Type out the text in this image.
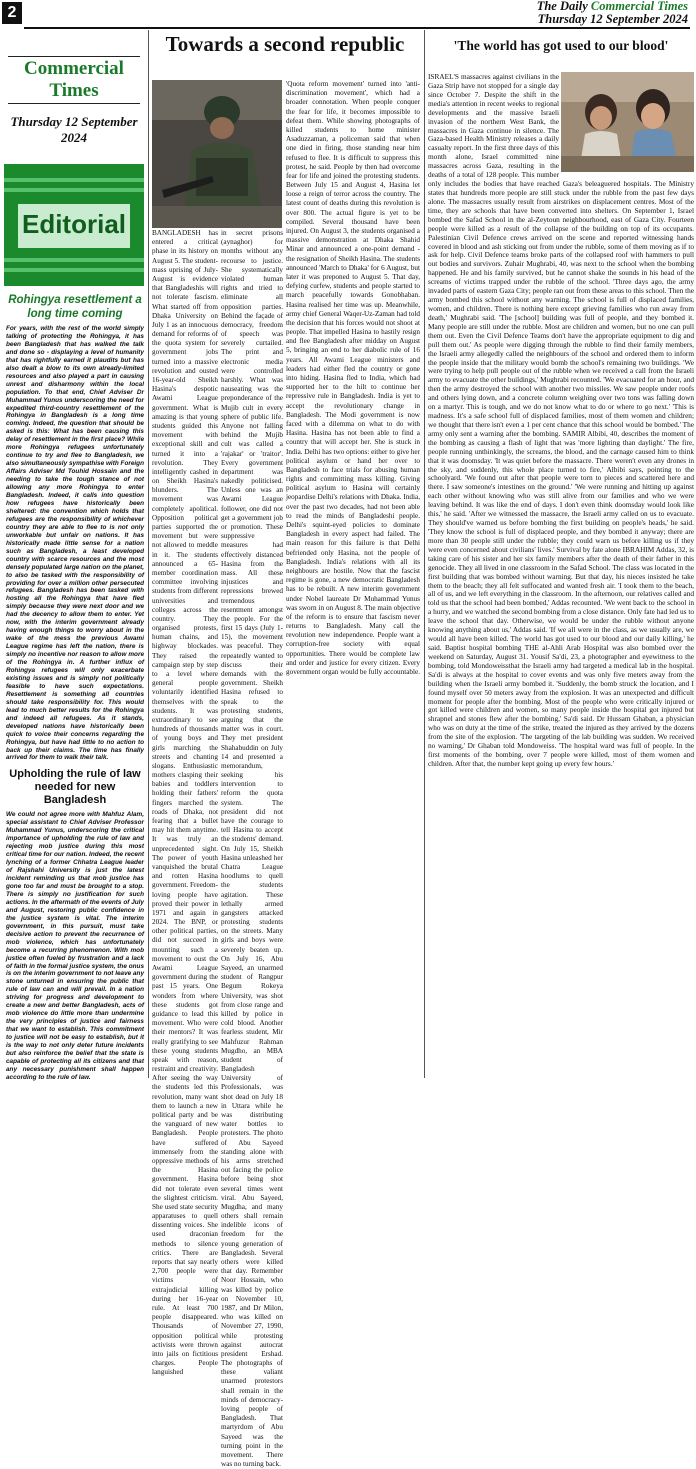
2	The Daily Commercial Times
Thursday 12 September 2024
Commercial Times
Thursday 12 September 2024
Editorial
Rohingya resettlement a long time coming
For years, with the rest of the world simply talking of protecting the Rohingya, it has been Bangladesh that has walked the talk and done so - displaying a level of humanity that has rightfully earned it plaudits but has also dealt a blow to its own already-limited resources and also played a part in causing unrest and disharmony within the local population. To that end, Chief Adviser Dr Muhammad Yunus underscoring the need for expedited third-country resettlement of the Rohingya in Bangladesh is a long time coming. Indeed, the question that should be asked is this: What has been causing this delay of resettlement in the first place? While more Rohingya refugees unfortunately continue to try and flee to Bangladesh, we also simultaneously sympathise with Foreign Affairs Adviser Md Touhid Hossain and the needing to take the tough stance of not allowing any more Rohingya to enter Bangladesh. Indeed, it calls into question how refugees have historically been sheltered: the convention which holds that refugees are the responsibility of whichever country they are able to flee to is not only unworkable but unfair on nations. It has historically made little sense for a nation such as Bangladesh, a least developed country with scarce resources and the most densely populated large nation on the planet, to also be tasked with the responsibility of providing for over a million other persecuted refugees. Bangladesh has been tasked with hosting all the Rohingya that have fled simply because they were next door and we had the decency to allow them to enter. Yet now, with the interim government already having enough things to worry about in the wake of the mess the previous Awami League regime has left the nation, there is simply no incentive nor reason to allow more of the Rohingya in. A further influx of Rohingya refugees will only exacerbate existing issues and is simply not politically feasible to have such expectations. Resettlement is something all countries should take responsibility for. This would lead to much better results for the Rohingya and indeed all refugees. As it stands, developed nations have historically been quick to voice their concerns regarding the Rohingya, but have had little to no action to back up their claims. The time has finally arrived for them to walk their talk.
Upholding the rule of law needed for new Bangladesh
We could not agree more with Mahfuz Alam, special assistant to Chief Adviser Professor Muhammad Yunus, underscoring the critical importance of upholding the rule of law and rejecting mob justice during this most critical time for our nation. Indeed, the recent lynching of a former Chhatra League leader of Rajshahi University is just the latest incident reminding us that mob justice has gone too far and must be brought to a stop. There is simply no justification for such actions. In the aftermath of the events of July and August, restoring public confidence in the justice system is vital. The interim government, in this pursuit, must take decisive action to prevent the recurrence of mob violence, which has unfortunately become a recurring phenomenon. With mob justice often fueled by frustration and a lack of faith in the formal justice system, the onus is on the interim government to not leave any stone unturned in ensuring the public that rule of law can and will prevail. In a nation striving for progress and development to create a new and better Bangladesh, acts of mob violence do little more than undermine the very principles of justice and fairness that we want to establish. This commitment to justice will not be easy to establish, but it is the way to not only deter future incidents but also reinforce the belief that the state is capable of protecting all its citizens and that any necessary punishment shall happen according to the rule of law.
Towards a second republic

'Quota reform movement' turned into 'anti-discrimination movement', which had a broader connotation. When people conquer the fear for life, it becomes impossible to defeat them. While showing photographs of killed students to home minister Asaduzzaman, a policeman said that when one died in firing, those standing near him refused to flee. It is difficult to suppress this protest, he said. People by then had overcome fear for life and joined the protesting students. Between July 15 and August 4, Hasina let loose a reign of terror across the country. The latest count of deaths during this revolution is over 800. The actual figure is yet to be compiled. Several thousand have been injured. On August 3, the students organised a massive demonstration at Dhaka Shahid Minar and announced a one-point demand - the resignation of Sheikh Hasina. The students announced 'March to Dhaka' for 6 August, but later it was preponed to August 5. That day, defying curfew, students and people started to march peacefully towards Gonobhaban. Hasina realised her time was up. Meanwhile, army chief General Waqer-Uz-Zaman had told the decision that his forces would not shoot at people. That impelled Hasina to hastily resign and flee Bangladesh after midday on August 5, bringing an end to her diabolic rule of 16 years. All Awami League ministers and leaders had either fled the country or gone into hiding. Hasina fled to India, which had supported her to the hilt to continue her repressive rule in Bangladesh. India is yet to accept the revolutionary change in Bangladesh. The Modi government is now faced with a dilemma on what to do with Hasina. Hasina has not been able to find a country that will accept her. She is stuck in India. Delhi has two options: either to give her political asylum or hand her over to Bangladesh to face trials for abusing human rights and committing mass killing. Giving political asylum to Hasina will certainly jeopardise Delhi's relations with Dhaka. India, over the past two decades, had not been able to read the minds of Bangladeshi people. Delhi's squint-eyed policies to dominate Bangladesh in every aspect had failed. The main reason for this failure is that Delhi befriended only Hasina, not the people of Bangladesh. India's relations with all its neighbours are hostile. Now that the fascist regime is gone, a new democratic Bangladesh has to be rebuilt. A new interim government under Nobel laureate Dr Muhammad Yunus was sworn in on August 8. The main objective of the reform is to ensure that fascism never returns to Bangladesh. Many call the revolution new independence. People want a corruption-free society with equal opportunities. There would be complete law and order and justice for every citizen. Every government organ would be fully accountable.

BANGLADESH has entered a critical phase in its history on August 5. The student-mass uprising of July-August is evidence that Bangladeshis will not tolerate fascism. What started off from Dhaka University on July 1 as an innocuous demand for reforms of the quota system for government jobs turned into a massive revolution and ousted 16-year-old Sheikh Hasina's despotic Awami League government. What is amazing is that young students guided this movement with exceptional skill and turned it into a revolution. They intelligently cashed in on Sheikh Hasina's blunders. The movement was completely apolitical. Opposition political parties supported the movement but were not allowed to meddle in it. The students announced a 65-member coordination committee involving students from different universities and colleges across the country. They organised protests, human chains, and highway blockades. They raised the campaign step by step to a level where general people voluntarily identified themselves with the students. It was extraordinary to see hundreds of thousands of young boys and girls marching the streets and chanting slogans. Enthusiastic mothers clasping their babies and toddlers holding their fathers' fingers marched the roads of Dhaka, not fearing that a bullet may hit them anytime. It was truly an unprecedented sight. The power of youth vanquished the brutal and rotten Hasina government. Freedom-loving people have proved their power in 1971 and again in 2024. The BNP, or other political parties, did not succeed in mounting such a movement to oust the Awami League government during the past 15 years. One wonders from where these students got guidance to lead this movement. Who were their mentors? It was really gratifying to see these young students speak with reason, restraint and creativity. After seeing the way the students led this revolution, many want them to launch a new political party and be the vanguard of new Bangladesh. People have suffered immensely from the oppressive methods of the Hasina government. Hasina did not tolerate even the slightest criticism. She used state security apparatuses to quell dissenting voices. She used draconian methods to silence critics. There are reports that say nearly 2,700 people were victims of extrajudicial killing during her 16-year rule. At least 700 people disappeared. Thousands of opposition political activists were thrown into jails on fictitious charges. People languished

in secret prisons (aynaghor) for months without any recourse to justice. She systematically violated human rights and tried to eliminate all opposition parties. Behind the façade of democracy, freedom of speech was severely curtailed. The print and electronic media were controlled harshly. What was nauseating was the preponderance of the Mujib cult in every sphere of public life. Anyone not falling behind the Mujib cult was called a 'rajakar' or 'traitor'. Every government department was nakedly politicised. Unless one was an Awami League follower, one did not get a government job or promotion. These suppressive measures had effectively distanced Hasina from the mass. All these injustices and repressions brewed tremendous resentment amongst the people. For the first 15 days (July 1-15), the movement was peaceful. They repeatedly wanted to discuss their demands with the government. Sheikh Hasina refused to speak to the protesting students, arguing that the matter was in court. They met president Shahabuddin on July 14 and presented a memorandum, seeking his intervention to reform the quota system. The president did not have the courage to tell Hasina to accept the students' demand. On July 15, Sheikh Hasina unleashed her Chatra League hoodlums to quell the students agitation. These lethally armed gangsters attacked protesting students on the streets. Many girls and boys were severely beaten up. On July 16, Abu Sayeed, an unarmed student of Rangpur Begum Rokeya University, was shot from close range and killed by police in cold blood. Another fearless student, Mir Mahfuzur Rahman Mugdho, an MBA student of Bangladesh University of Professionals, was shot dead on July 18 in Uttara while he was distributing water bottles to protesters. The photo of Abu Sayeed standing alone with his arms stretched out facing the police before being shot several times went viral. Abu Sayeed, Mugdha, and many others shall remain indelible icons of freedom for the young generation of Bangladesh. Several others were killed that day. Remember Noor Hossain, who was killed by police on November 10, 1987, and Dr Milon, who was killed on November 27, 1990, while protesting against autocrat president Ershad. The photographs of these valiant unarmed protestors shall remain in the minds of democracy-loving people of Bangladesh. That martyrdom of Abu Sayeed was the turning point in the movement. There was no turning back.

'The world has got used to our blood'

ISRAEL'S massacres against civilians in the Gaza Strip have not stopped for a single day since October 7. Despite the shift in the media's attention in recent weeks to regional developments and the massive Israeli invasion of the northern West Bank, the massacres in Gaza continue in silence. The Gaza-based Health Ministry releases a daily casualty report. In the first three days of this month alone, Israel committed nine massacres across Gaza, resulting in the deaths of a total of 128 people. This number only includes the bodies that have reached Gaza's beleaguered hospitals. The Ministry states that hundreds more people are still stuck under the rubble from the past few days alone. The massacres usually result from airstrikes on displacement centres. Most of the time, they are schools that have been converted into shelters. On September 1, Israel bombed the Safad School in the al-Zeytoun neighbourhood, east of Gaza City. Fourteen people were killed as a result of the collapse of the building on top of its occupants. Palestinian Civil Defence crews arrived on the scene and reported witnessing hands covered in blood and ash sticking out from under the rubble, some of them moving as if to ask for help. Civil Defence teams broke parts of the collapsed roof with hammers to pull out bodies and survivors. Zuhair Mughrabi, 40, was next to the school when the bombing happened. He and his family survived, but he cannot shake the sounds in his head of the screams of victims trapped under the rubble of the school. 'Three days ago, the army invaded parts of eastern Gaza City; people ran out from these areas to this school. Then the army bombed this school without any warning. The school is full of displaced families, women, and children. There is nothing here except grieving families who run away from death,' Mughrabi said. 'The [school] building was full of people, and they bombed it. Many people are still under the rubble. Most are children and women, but no one can pull them out. Even the Civil Defence Teams don't have the appropriate equipment to dig and pull them out.' As people were digging through the rubble to find their family members, the Israeli army allegedly called the neighbours of the school and ordered them to inform the people inside that the military would bomb the school's remaining two buildings. 'We were trying to help pull people out of the rubble when we received a call from the Israeli army to evacuate the other buildings,' Mughrabi recounted. 'We evacuated for an hour, and then the army destroyed the school with another two missiles. We saw people under roofs and others lying down, and a concrete column weighing over two tons was falling down on a martyr. This is tough, and we do not know what to do or where to go next.' 'This is madness. It's a safe school full of displaced families, most of them women and children; we thought that there isn't even a 1 per cent chance that this school would be bombed.' The army only sent a warning after the bombing. SAMIR Albibi, 40, describes the moment of the bombing as causing a flash of light that was 'more lighting than daylight.' The fire, people running unthinkingly, the screams, the blood, and the carnage caused him to think that it was doomsday. 'It was quiet before the massacre. There weren't even any drones in the sky, and suddenly, this whole place turned to fire,' Albibi says, pointing to the schoolyard. 'We found out after that people were torn to pieces and scattered here and there. I saw someone's intestines on the ground.' 'We were running and hitting up against each other without knowing who was still alive from our families and who we were leaving behind. It was like the end of days. I don't even think doomsday would look like this,' he said. 'After we witnessed the massacre, the Israeli army called on us to evacuate. They should've warned us before bombing the first building on people's heads,' he said. 'They know the school is full of displaced people, and they bombed it anyway; there are more than 30 people still under the rubble; they could warn us before killing us if they were even concerned about civilians' lives.' Survival by fate alone IBRAHIM Addas, 32, is taking care of his sister and her six family members after the death of their father in this genocide. They all lived in one classroom in the Safad School. The class was located in the first building that was bombed without warning. But that day, his nieces insisted he take them to the beach; they all felt suffocated and wanted fresh air. 'I took them to the beach, all of us, and we left everything in the classroom. In the afternoon, our relatives called and told us that the school had been bombed,' Addas recounted. 'We went back to the school in a hurry, and we watched the second bombing from a close distance. Only fate had led us to leave the school that day. Otherwise, we would be under the rubble without anyone knowing anything about us,' Addas said. 'If we all were in the class, as we usually are, we would all have been killed. The world has got used to our blood and our daily killing,' he said. Baptist hospital bombing THE al-Ahli Arab Hospital was also bombed over the weekend on Saturday, August 31. Yousif Sa'di, 23, a photographer and eyewitness to the bombing, told Mondoweissthat the Israeli army had targeted a medical lab in the hospital. Sa'di is always at the hospital to cover events and was only five meters away from the building when the Israeli army bombed it. 'Suddenly, the bomb struck the location, and I found myself over 50 meters away from the explosion. It was an unexpected and difficult moment for people after the bombing. Most of the people who were critically injured or got killed were children and women, so many people inside the hospital got injured but shrapnel and stones flew after the bombing,' Sa'di said. Dr Hussam Ghaban, a physician who was on duty at the time of the strike, treated the injured as they arrived by the dozens from the site of the explosion. 'The targeting of the lab building was sudden. We received no warning,' Dr Ghaban told Mondoweiss. 'The hospital ward was full of people. In the first moments of the bombing, over 7 people were killed, most of them women and children. After that, the number kept going up every few hours.'
